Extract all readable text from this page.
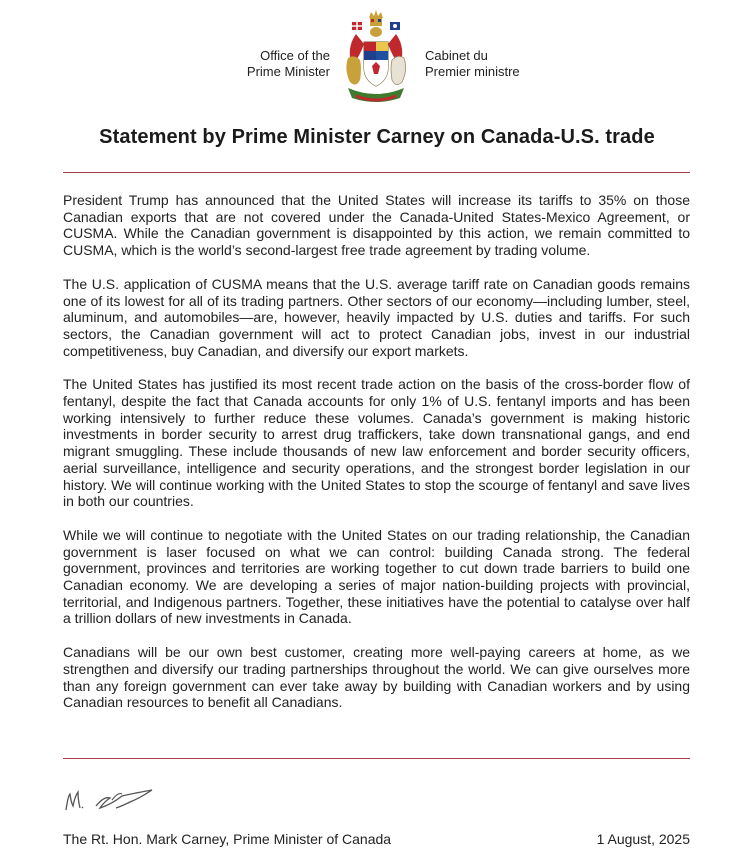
Office of the
Prime Minister
Cabinet du
Premier ministre
Statement by Prime Minister Carney on Canada-U.S. trade

President Trump has announced that the United States will increase its tariffs to 35% on those Canadian exports that are not covered under the Canada-United States-Mexico Agreement, or CUSMA. While the Canadian government is disappointed by this action, we remain committed to CUSMA, which is the world’s second-largest free trade agreement by trading volume.

The U.S. application of CUSMA means that the U.S. average tariff rate on Canadian goods remains one of its lowest for all of its trading partners. Other sectors of our economy—including lumber, steel, aluminum, and automobiles—are, however, heavily impacted by U.S. duties and tariffs. For such sectors, the Canadian government will act to protect Canadian jobs, invest in our industrial competitiveness, buy Canadian, and diversify our export markets.

The United States has justified its most recent trade action on the basis of the cross-border flow of fentanyl, despite the fact that Canada accounts for only 1% of U.S. fentanyl imports and has been working intensively to further reduce these volumes. Canada’s government is making historic investments in border security to arrest drug traffickers, take down transnational gangs, and end migrant smuggling. These include thousands of new law enforcement and border security officers, aerial surveillance, intelligence and security operations, and the strongest border legislation in our history. We will continue working with the United States to stop the scourge of fentanyl and save lives in both our countries.

While we will continue to negotiate with the United States on our trading relationship, the Canadian government is laser focused on what we can control: building Canada strong. The federal government, provinces and territories are working together to cut down trade barriers to build one Canadian economy. We are developing a series of major nation-building projects with provincial, territorial, and Indigenous partners. Together, these initiatives have the potential to catalyse over half a trillion dollars of new investments in Canada.

Canadians will be our own best customer, creating more well-paying careers at home, as we strengthen and diversify our trading partnerships throughout the world. We can give ourselves more than any foreign government can ever take away by building with Canadian workers and by using Canadian resources to benefit all Canadians.

The Rt. Hon. Mark Carney, Prime Minister of Canada	1 August, 2025
